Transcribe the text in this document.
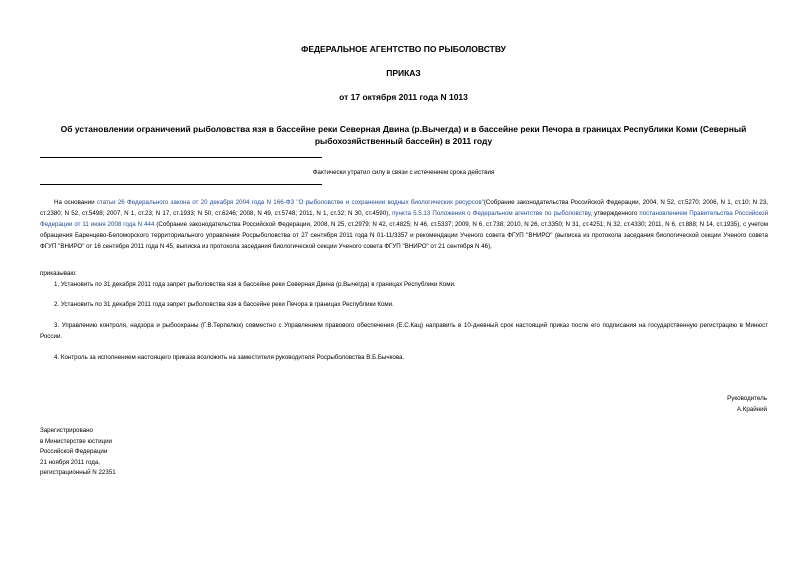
ФЕДЕРАЛЬНОЕ АГЕНТСТВО ПО РЫБОЛОВСТВУ
ПРИКАЗ
от 17 октября 2011 года N 1013
Об установлении ограничений рыболовства язя в бассейне реки Северная Двина (р.Вычегда) и в бассейне реки Печора в границах Республики Коми (Северный рыбохозяйственный бассейн) в 2011 году
Фактически утратил силу в связи с истечением срока действия
На основании статьи 26 Федерального закона от 20 декабря 2004 года N 166-ФЗ "О рыболовстве и сохранении водных биологических ресурсов"(Собрание законодательства Российской Федерации, 2004, N 52, ст.5270; 2006, N 1, ст.10; N 23, ст.2380; N 52, ст.5498; 2007, N 1, ст.23; N 17, ст.1933; N 50, ст.6246; 2008, N 49, ст.5748; 2011, N 1, ст.32; N 30, ст.4590), пункта 5.5.13 Положения о Федеральном агентстве по рыболовству, утвержденного постановлением Правительства Российской Федерации от 11 июня 2008 года N 444 (Собрание законодательства Российской Федерации, 2008, N 25, ст.2979; N 42, ст.4825; N 46, ст.5337; 2009, N 6, ст.738; 2010, N 26, ст.3350; N 31, ст.4251; N 32, ст.4330; 2011, N 6, ст.888; N 14, ст.1935), с учетом обращения Баренцево-Беломорского территориального управления Росрыболовства от 27 сентября 2011 года N 01-11/3357 и рекомендации Ученого совета ФГУП "ВНИРО" (выписка из протокола заседания биологической секции Ученого совета ФГУП "ВНИРО" от 16 сентября 2011 года N 45, выписка из протокола заседания биологической секции Ученого совета ФГУП "ВНИРО" от 21 сентября N 46),
приказываю:
1. Установить по 31 декабря 2011 года запрет рыболовства язя в бассейне реки Северная Двина (р.Вычегда) в границах Республики Коми.
2. Установить по 31 декабря 2011 года запрет рыболовства язя в бассейне реки Печора в границах Республики Коми.
3. Управлению контроля, надзора и рыбоохраны (Г.В.Терпелюк) совместно с Управлением правового обеспечения (Е.С.Кац) направить в 10-дневный срок настоящий приказ после его подписания на государственную регистрацию в Минюст России.
4. Контроль за исполнением настоящего приказа возложить на заместителя руководителя Росрыболовства В.Б.Бычкова.
Руководитель
А.Крайний
Зарегистрировано
в Министерстве юстиции
Российской Федерации
21 ноября 2011 года,
регистрационный N 22351
